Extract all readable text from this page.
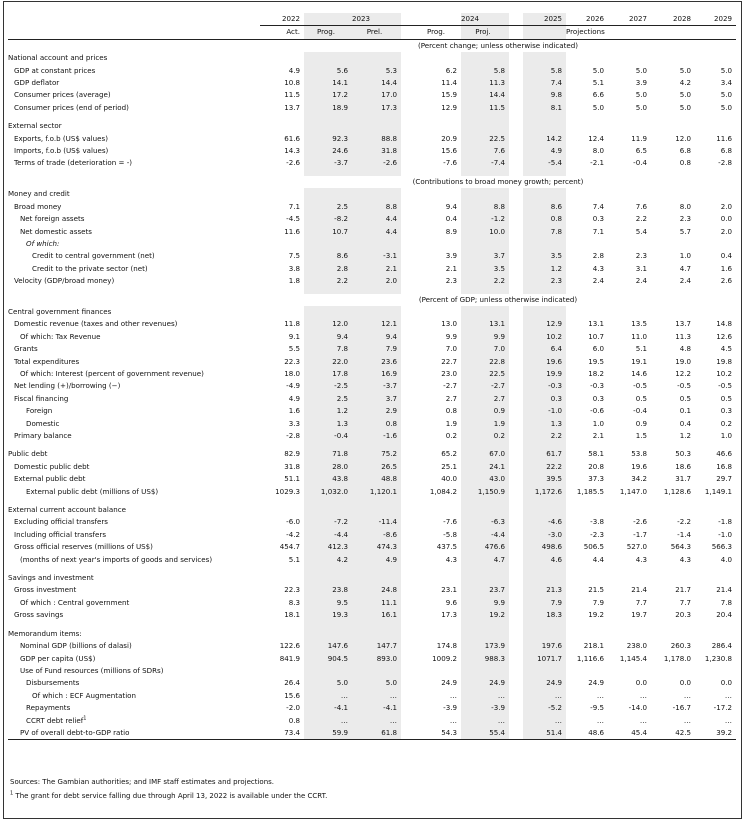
	2022		2023			2024		2025	2026	2027	2028	2029
	Act.	Prog.	Prel.		Prog.	Proj.			Projections			
	(Percent change; unless otherwise indicated)											
National account and prices												
GDP at constant prices	4.9	5.6	5.3		6.2	5.8		5.8	5.0	5.0	5.0	5.0
GDP deflator	10.8	14.1	14.4		11.4	11.3		7.4	5.1	3.9	4.2	3.4
Consumer prices (average)	11.5	17.2	17.0		15.9	14.4		9.8	6.6	5.0	5.0	5.0
Consumer prices (end of period)	13.7	18.9	17.3		12.9	11.5		8.1	5.0	5.0	5.0	5.0

External sector												
Exports, f.o.b (US$ values)	61.6	92.3	88.8		20.9	22.5		14.2	12.4	11.9	12.0	11.6
Imports, f.o.b (US$ values)	14.3	24.6	31.8		15.6	7.6		4.9	8.0	6.5	6.8	6.8
Terms of trade (deterioration = -)	-2.6	-3.7	-2.6		-7.6	-7.4		-5.4	-2.1	-0.4	0.8	-2.8

	(Contributions to broad money growth; percent)											
Money and credit												
Broad money	7.1	2.5	8.8		9.4	8.8		8.6	7.4	7.6	8.0	2.0
Net foreign assets	-4.5	-8.2	4.4		0.4	-1.2		0.8	0.3	2.2	2.3	0.0
Net domestic assets	11.6	10.7	4.4		8.9	10.0		7.8	7.1	5.4	5.7	2.0
Of which:												
Credit to central government (net)	7.5	8.6	-3.1		3.9	3.7		3.5	2.8	2.3	1.0	0.4
Credit to the private sector (net)	3.8	2.8	2.1		2.1	3.5		1.2	4.3	3.1	4.7	1.6
Velocity (GDP/broad money)	1.8	2.2	2.0		2.3	2.2		2.3	2.4	2.4	2.4	2.6

	(Percent of GDP; unless otherwise indicated)											
Central government finances												
Domestic revenue (taxes and other revenues)	11.8	12.0	12.1		13.0	13.1		12.9	13.1	13.5	13.7	14.8
Of which: Tax Revenue	9.1	9.4	9.4		9.9	9.9		10.2	10.7	11.0	11.3	12.6
Grants	5.5	7.8	7.9		7.0	7.0		6.4	6.0	5.1	4.8	4.5
Total expenditures	22.3	22.0	23.6		22.7	22.8		19.6	19.5	19.1	19.0	19.8
Of which: Interest (percent of government revenue)	18.0	17.8	16.9		23.0	22.5		19.9	18.2	14.6	12.2	10.2
Net lending (+)/borrowing (−)	-4.9	-2.5	-3.7		-2.7	-2.7		-0.3	-0.3	-0.5	-0.5	-0.5
Fiscal financing	4.9	2.5	3.7		2.7	2.7		0.3	0.3	0.5	0.5	0.5
Foreign	1.6	1.2	2.9		0.8	0.9		-1.0	-0.6	-0.4	0.1	0.3
Domestic	3.3	1.3	0.8		1.9	1.9		1.3	1.0	0.9	0.4	0.2
Primary balance	-2.8	-0.4	-1.6		0.2	0.2		2.2	2.1	1.5	1.2	1.0

Public debt	82.9	71.8	75.2		65.2	67.0		61.7	58.1	53.8	50.3	46.6
Domestic public debt	31.8	28.0	26.5		25.1	24.1		22.2	20.8	19.6	18.6	16.8
External public debt	51.1	43.8	48.8		40.0	43.0		39.5	37.3	34.2	31.7	29.7
External public debt (millions of US$)	1029.3	1,032.0	1,120.1		1,084.2	1,150.9		1,172.6	1,185.5	1,147.0	1,128.6	1,149.1

External current account balance												
Excluding official transfers	-6.0	-7.2	-11.4		-7.6	-6.3		-4.6	-3.8	-2.6	-2.2	-1.8
Including official transfers	-4.2	-4.4	-8.6		-5.8	-4.4		-3.0	-2.3	-1.7	-1.4	-1.0
Gross official reserves (millions of US$)	454.7	412.3	474.3		437.5	476.6		498.6	506.5	527.0	564.3	566.3
(months of next year's imports of goods and services)	5.1	4.2	4.9		4.3	4.7		4.6	4.4	4.3	4.3	4.0

Savings and investment												
Gross investment	22.3	23.8	24.8		23.1	23.7		21.3	21.5	21.4	21.7	21.4
Of which : Central government	8.3	9.5	11.1		9.6	9.9		7.9	7.9	7.7	7.7	7.8
Gross savings	18.1	19.3	16.1		17.3	19.2		18.3	19.2	19.7	20.3	20.4

Memorandum items:												
Nominal GDP (billions of dalasi)	122.6	147.6	147.7		174.8	173.9		197.6	218.1	238.0	260.3	286.4
GDP per capita (US$)	841.9	904.5	893.0		1009.2	988.3		1071.7	1,116.6	1,145.4	1,178.0	1,230.8
Use of Fund resources (millions of SDRs)												
Disbursements	26.4	5.0	5.0		24.9	24.9		24.9	24.9	0.0	0.0	0.0
Of which : ECF Augmentation	15.6	…	…		…	…		…	…	…	…	…
Repayments	-2.0	-4.1	-4.1		-3.9	-3.9		-5.2	-9.5	-14.0	-16.7	-17.2
CCRT debt relief$^1$	0.8	…	…		…	…		…	…	…	…	…
PV of overall debt-to-GDP ratio	73.4	59.9	61.8		54.3	55.4		51.4	48.6	45.4	42.5	39.2
Sources: The Gambian authorities; and IMF staff estimates and projections.
$^1$ The grant for debt service falling due through April 13, 2022 is available under the CCRT.
